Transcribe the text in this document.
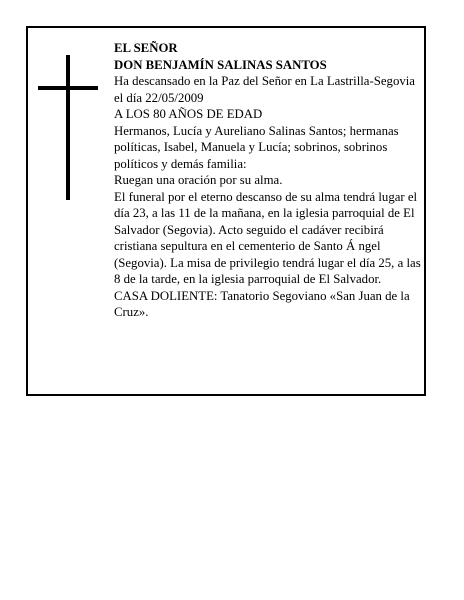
EL SEÑOR

DON BENJAMÍN SALINAS SANTOS

Ha descansado en la Paz del Señor en La Lastrilla-Segovia el día 22/05/2009

A LOS 80 AÑOS DE EDAD

Hermanos, Lucía y Aureliano Salinas Santos; hermanas políticas, Isabel, Manuela y Lucía; sobrinos, sobrinos políticos y demás familia:

Ruegan una oración por su alma.

El funeral por el eterno descanso de su alma tendrá lugar el día 23, a las 11 de la mañana, en la iglesia parroquial de El Salvador (Segovia). Acto seguido el cadáver recibirá cristiana sepultura en el cementerio de Santo Á ngel (Segovia). La misa de privilegio tendrá lugar el día 25, a las 8 de la tarde, en la iglesia parroquial de El Salvador.

CASA DOLIENTE: Tanatorio Segoviano «San Juan de la Cruz».
